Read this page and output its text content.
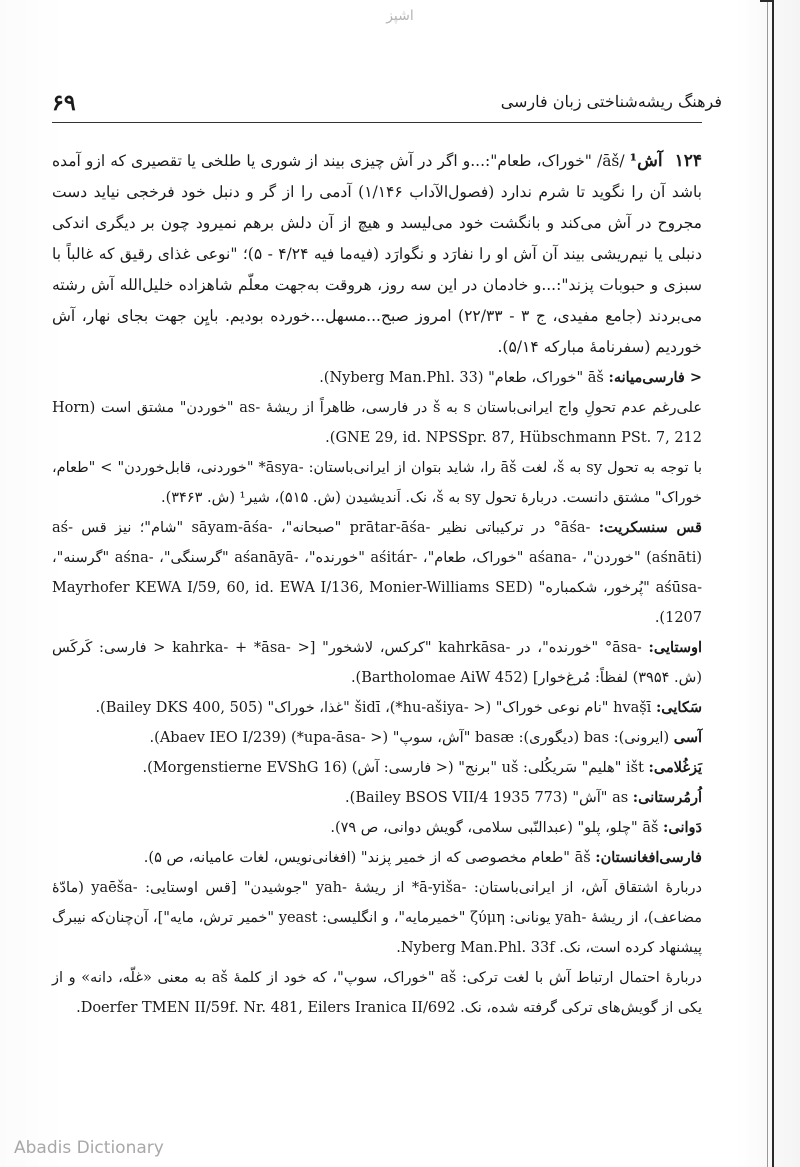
اشپز
۶۹	فرهنگ ریشه‌شناختی زبان فارسی

۱۲۴آش¹ /āš/ "خوراک، طعام":...و اگر در آش چیزی بیند از شوری یا طلخی یا تقصیری که ازو آمده باشد آن را نگوید تا شرم ندارد (فصول‌الآداب ۱/۱۴۶) آدمی را از گر و دنبل خود فرخجی نیاید دست مجروح در آش می‌کند و بانگشت خود می‌لیسد و هیچ از آن دلش برهم نمیرود چون بر دیگری اندکی دنبلی یا نیم‌ریشی بیند آن آش او را نفارَد و نگوارَد (فیه‌ما فیه ۴/۲۴ - ۵)؛ "نوعی غذای رقیق که غالباً با سبزی و حبوبات پزند":...و خادمان در این سه روز، هروقت به‌جهت معلّم شاهزاده خلیل‌الله آش رشته می‌بردند (جامع مفیدی، ج ۳ - ۲۲/۳۳) امروز صبح...مسهل...خورده بودیم. بایِن جهت بجای نهار، آش خوردیم (سفرنامهٔ مبارکه ۵/۱۴).

< فارسی‌میانه: āš "خوراک، طعام" (Nyberg Man.Phl. 33).

علی‌رغم عدم تحولِ واج ایرانی‌باستان s به š در فارسی، ظاهراً از ریشهٔ -as "خوردن" مشتق است (Horn GNE 29, id. NPSSpr. 87, Hübschmann PSt. 7, 212).

با توجه به تحول sy به š، لغت āš را، شاید بتوان از ایرانی‌باستان: -āsya* "خوردنی، قابل‌خوردن" > "طعام، خوراک" مشتق دانست. دربارهٔ تحول sy به š، نک. اَندیشیدن (ش. ۵۱۵)، شیر¹ (ش. ۳۴۶۳).

قس سنسکریت: -āśa° در ترکیباتی نظیر -prātar-āśa "صبحانه"، -sāyam-āśa "شام"؛ نیز قس -aś (aśnāti) "خوردن"، -aśana "خوراک، طعام"، -aśitár "خورنده"، -aśanāyā "گرسنگی"، -aśna "گرسنه"، -aśūsa "پُرخور، شکمباره" (Mayrhofer KEWA I/59, 60, id. EWA I/136, Monier-Williams SED 1207).

اوستایی: -āsa° "خورنده"، در -kahrkāsa "کرکس، لاشخور" [< -kahrka- + *āsa < فارسی: کَرکَس (ش. ۳۹۵۴) لفظاً: مُرغ‌خوار] (Bartholomae AiW 452).

سَکایی: hvaṣ̌ī "نام نوعی خوراک" (< -hu-ašiya*)، šidī "غذا، خوراک" (Bailey DKS 400, 505).

آسی (ایرونی): bas (دیگوری): basæ "آش، سوپ" (< -upa-āsa*) (Abaev IEO I/239).

یَزغُلامی: išt "هلیم" سَریکُلی: uš "برنج" (< فارسی: آش) (Morgenstierne EVShG 16).

اُرمُرستانی: as "آش" (Bailey BSOS VII/4 1935 773).

دَوانی: āš "چلو، پلو" (عبدالنّبی سلامی، گویش دوانی، ص ۷۹).

فارسی‌افغانستان: āš "طعام مخصوصی که از خمیر پزند" (افغانی‌نویس، لغات عامیانه، ص ۵).

دربارهٔ اشتقاق آش، از ایرانی‌باستان: -ā-yiša* از ریشهٔ -yah "جوشیدن" [قس اوستایی: -yaēša (مادّهٔ مضاعف)، از ریشهٔ -yah یونانی: ζύμη "خمیرمایه"، و انگلیسی: yeast "خمیر ترش، مایه"]، آن‌چنان‌که نیبرگ پیشنهاد کرده است، نک. Nyberg Man.Phl. 33f.

دربارهٔ احتمال ارتباط آش با لغت ترکی: aš "خوراک، سوپ"، که خود از کلمهٔ aš به معنی «غلّه، دانه» و از یکی از گویش‌های ترکی گرفته شده، نک. Doerfer TMEN II/59f. Nr. 481, Eilers Iranica II/692.

Abadis Dictionary
